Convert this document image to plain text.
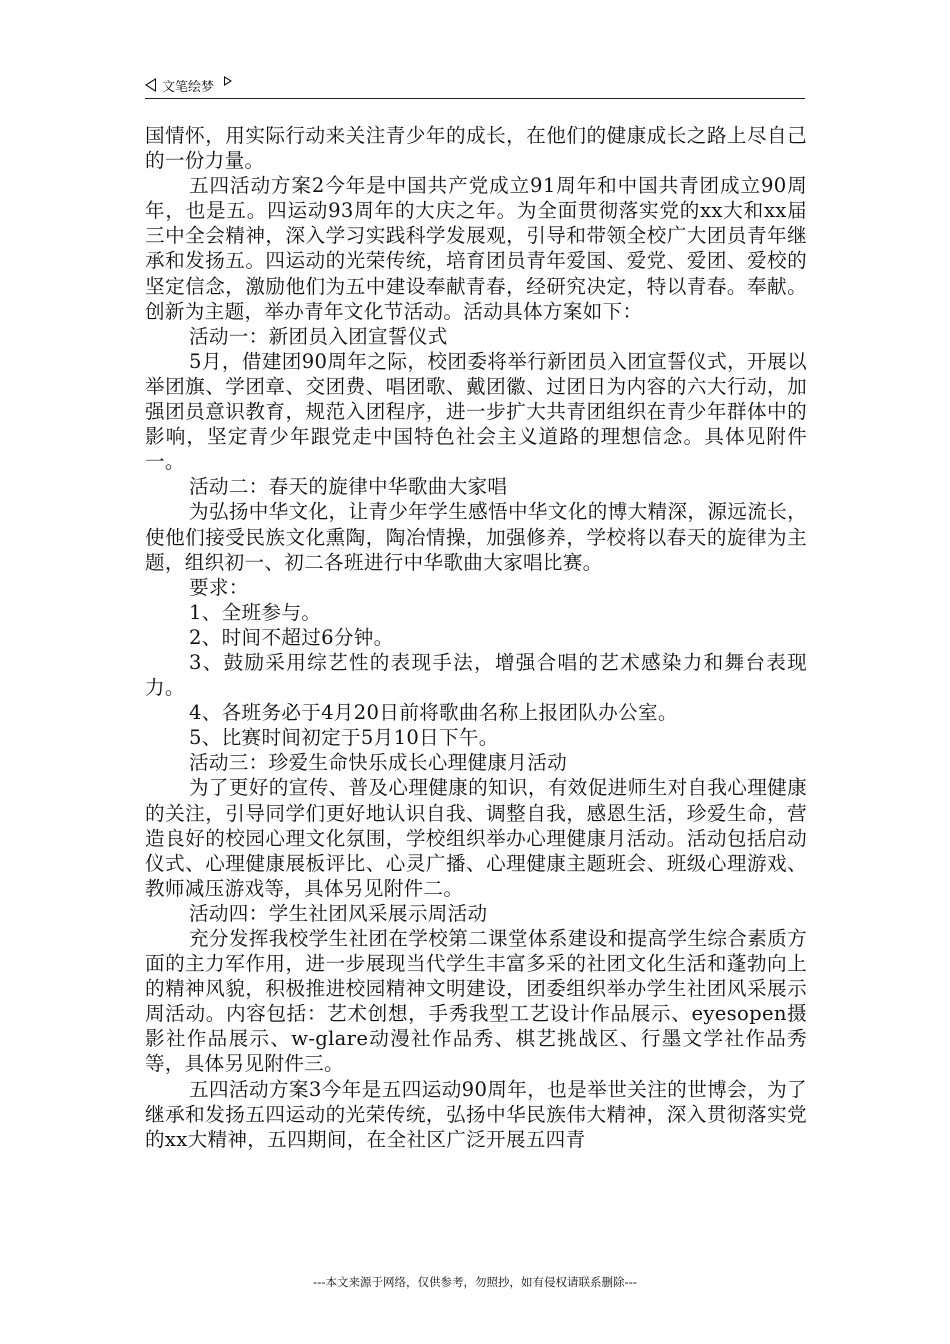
文笔绘梦

国情怀，用实际行动来关注青少年的成长，在他们的健康成长之路上尽自己的一份力量。

五四活动方案2今年是中国共产党成立91周年和中国共青团成立90周年，也是五。四运动93周年的大庆之年。为全面贯彻落实党的xx大和xx届三中全会精神，深入学习实践科学发展观，引导和带领全校广大团员青年继承和发扬五。四运动的光荣传统，培育团员青年爱国、爱党、爱团、爱校的坚定信念，激励他们为五中建设奉献青春，经研究决定，特以青春。奉献。创新为主题，举办青年文化节活动。活动具体方案如下：

活动一：新团员入团宣誓仪式

5月，借建团90周年之际，校团委将举行新团员入团宣誓仪式，开展以举团旗、学团章、交团费、唱团歌、戴团徽、过团日为内容的六大行动，加强团员意识教育，规范入团程序，进一步扩大共青团组织在青少年群体中的影响，坚定青少年跟党走中国特色社会主义道路的理想信念。具体见附件一。

活动二：春天的旋律中华歌曲大家唱

为弘扬中华文化，让青少年学生感悟中华文化的博大精深，源远流长，使他们接受民族文化熏陶，陶冶情操，加强修养，学校将以春天的旋律为主题，组织初一、初二各班进行中华歌曲大家唱比赛。

要求：

1、全班参与。

2、时间不超过6分钟。

3、鼓励采用综艺性的表现手法，增强合唱的艺术感染力和舞台表现力。

4、各班务必于4月20日前将歌曲名称上报团队办公室。

5、比赛时间初定于5月10日下午。

活动三：珍爱生命快乐成长心理健康月活动

为了更好的宣传、普及心理健康的知识，有效促进师生对自我心理健康的关注，引导同学们更好地认识自我、调整自我，感恩生活，珍爱生命，营造良好的校园心理文化氛围，学校组织举办心理健康月活动。活动包括启动仪式、心理健康展板评比、心灵广播、心理健康主题班会、班级心理游戏、教师减压游戏等，具体另见附件二。

活动四：学生社团风采展示周活动

充分发挥我校学生社团在学校第二课堂体系建设和提高学生综合素质方面的主力军作用，进一步展现当代学生丰富多采的社团文化生活和蓬勃向上的精神风貌，积极推进校园精神文明建设，团委组织举办学生社团风采展示周活动。内容包括：艺术创想，手秀我型工艺设计作品展示、eyesopen摄影社作品展示、w-glare动漫社作品秀、棋艺挑战区、行墨文学社作品秀等，具体另见附件三。

五四活动方案3今年是五四运动90周年，也是举世关注的世博会，为了继承和发扬五四运动的光荣传统，弘扬中华民族伟大精神，深入贯彻落实党的xx大精神，五四期间，在全社区广泛开展五四青

---本文来源于网络，仅供参考，勿照抄，如有侵权请联系删除---
